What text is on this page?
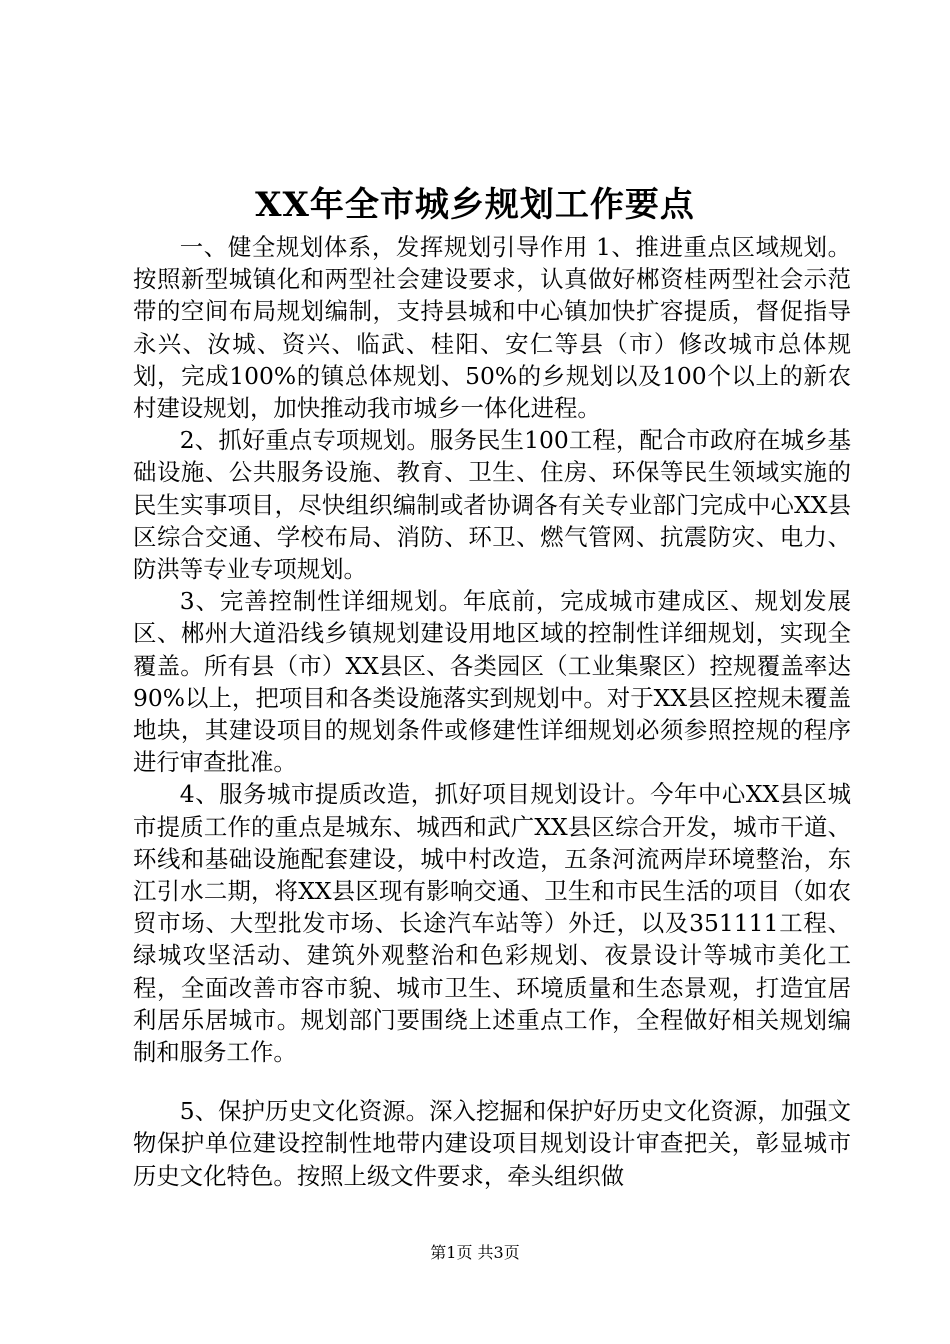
XX年全市城乡规划工作要点

一、健全规划体系，发挥规划引导作用 1、推进重点区域规划。按照新型城镇化和两型社会建设要求，认真做好郴资桂两型社会示范带的空间布局规划编制，支持县城和中心镇加快扩容提质，督促指导永兴、汝城、资兴、临武、桂阳、安仁等县（市）修改城市总体规划，完成100%的镇总体规划、50%的乡规划以及100个以上的新农村建设规划，加快推动我市城乡一体化进程。

2、抓好重点专项规划。服务民生100工程，配合市政府在城乡基础设施、公共服务设施、教育、卫生、住房、环保等民生领域实施的民生实事项目，尽快组织编制或者协调各有关专业部门完成中心XX县区综合交通、学校布局、消防、环卫、燃气管网、抗震防灾、电力、防洪等专业专项规划。

3、完善控制性详细规划。年底前，完成城市建成区、规划发展区、郴州大道沿线乡镇规划建设用地区域的控制性详细规划，实现全覆盖。所有县（市）XX县区、各类园区（工业集聚区）控规覆盖率达90%以上，把项目和各类设施落实到规划中。对于XX县区控规未覆盖地块，其建设项目的规划条件或修建性详细规划必须参照控规的程序进行审查批准。

4、服务城市提质改造，抓好项目规划设计。今年中心XX县区城市提质工作的重点是城东、城西和武广XX县区综合开发，城市干道、环线和基础设施配套建设，城中村改造，五条河流两岸环境整治，东江引水二期，将XX县区现有影响交通、卫生和市民生活的项目（如农贸市场、大型批发市场、长途汽车站等）外迁，以及351111工程、绿城攻坚活动、建筑外观整治和色彩规划、夜景设计等城市美化工程，全面改善市容市貌、城市卫生、环境质量和生态景观，打造宜居利居乐居城市。规划部门要围绕上述重点工作，全程做好相关规划编制和服务工作。

5、保护历史文化资源。深入挖掘和保护好历史文化资源，加强文物保护单位建设控制性地带内建设项目规划设计审查把关，彰显城市历史文化特色。按照上级文件要求，牵头组织做

第1页 共3页
